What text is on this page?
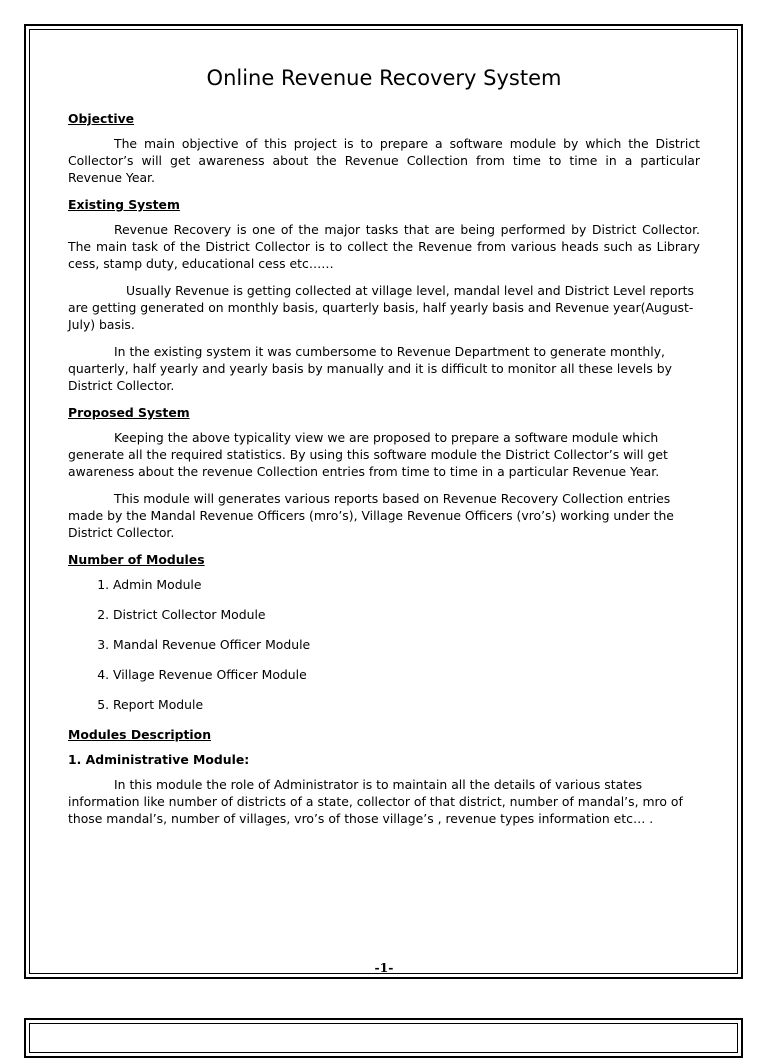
Online Revenue Recovery System
Objective

The main objective of this project is to prepare a software module by which the District Collector’s will get awareness about the Revenue Collection from time to time in a particular Revenue Year.

Existing System

Revenue Recovery is one of the major tasks that are being performed by District Collector. The main task of the District Collector is to collect the Revenue from various heads such as Library cess, stamp duty, educational cess etc……

Usually Revenue is getting collected at village level, mandal level and District Level reports are getting generated on monthly basis, quarterly basis, half yearly basis and Revenue year(August-July) basis.

In the existing system it was cumbersome to Revenue Department to generate monthly, quarterly, half yearly and yearly basis by manually and it is difficult to monitor all these levels by District Collector.

Proposed System

Keeping the above typicality view we are proposed to prepare a software module which generate all the required statistics. By using this software module the District Collector’s will get awareness about the revenue Collection entries from time to time in a particular Revenue Year.

This module will generates various reports based on Revenue Recovery Collection entries made by the Mandal Revenue Officers (mro’s), Village Revenue Officers (vro’s) working under the District Collector.

Number of Modules
1. Admin Module
2. District Collector Module
3. Mandal Revenue Officer Module
4. Village Revenue Officer Module
5. Report Module
Modules Description
1. Administrative Module:

In this module the role of Administrator is to maintain all the details of various states information like number of districts of a state, collector of that district, number of mandal’s, mro of those mandal’s, number of villages, vro’s of those village’s , revenue types information etc… .

-1-
